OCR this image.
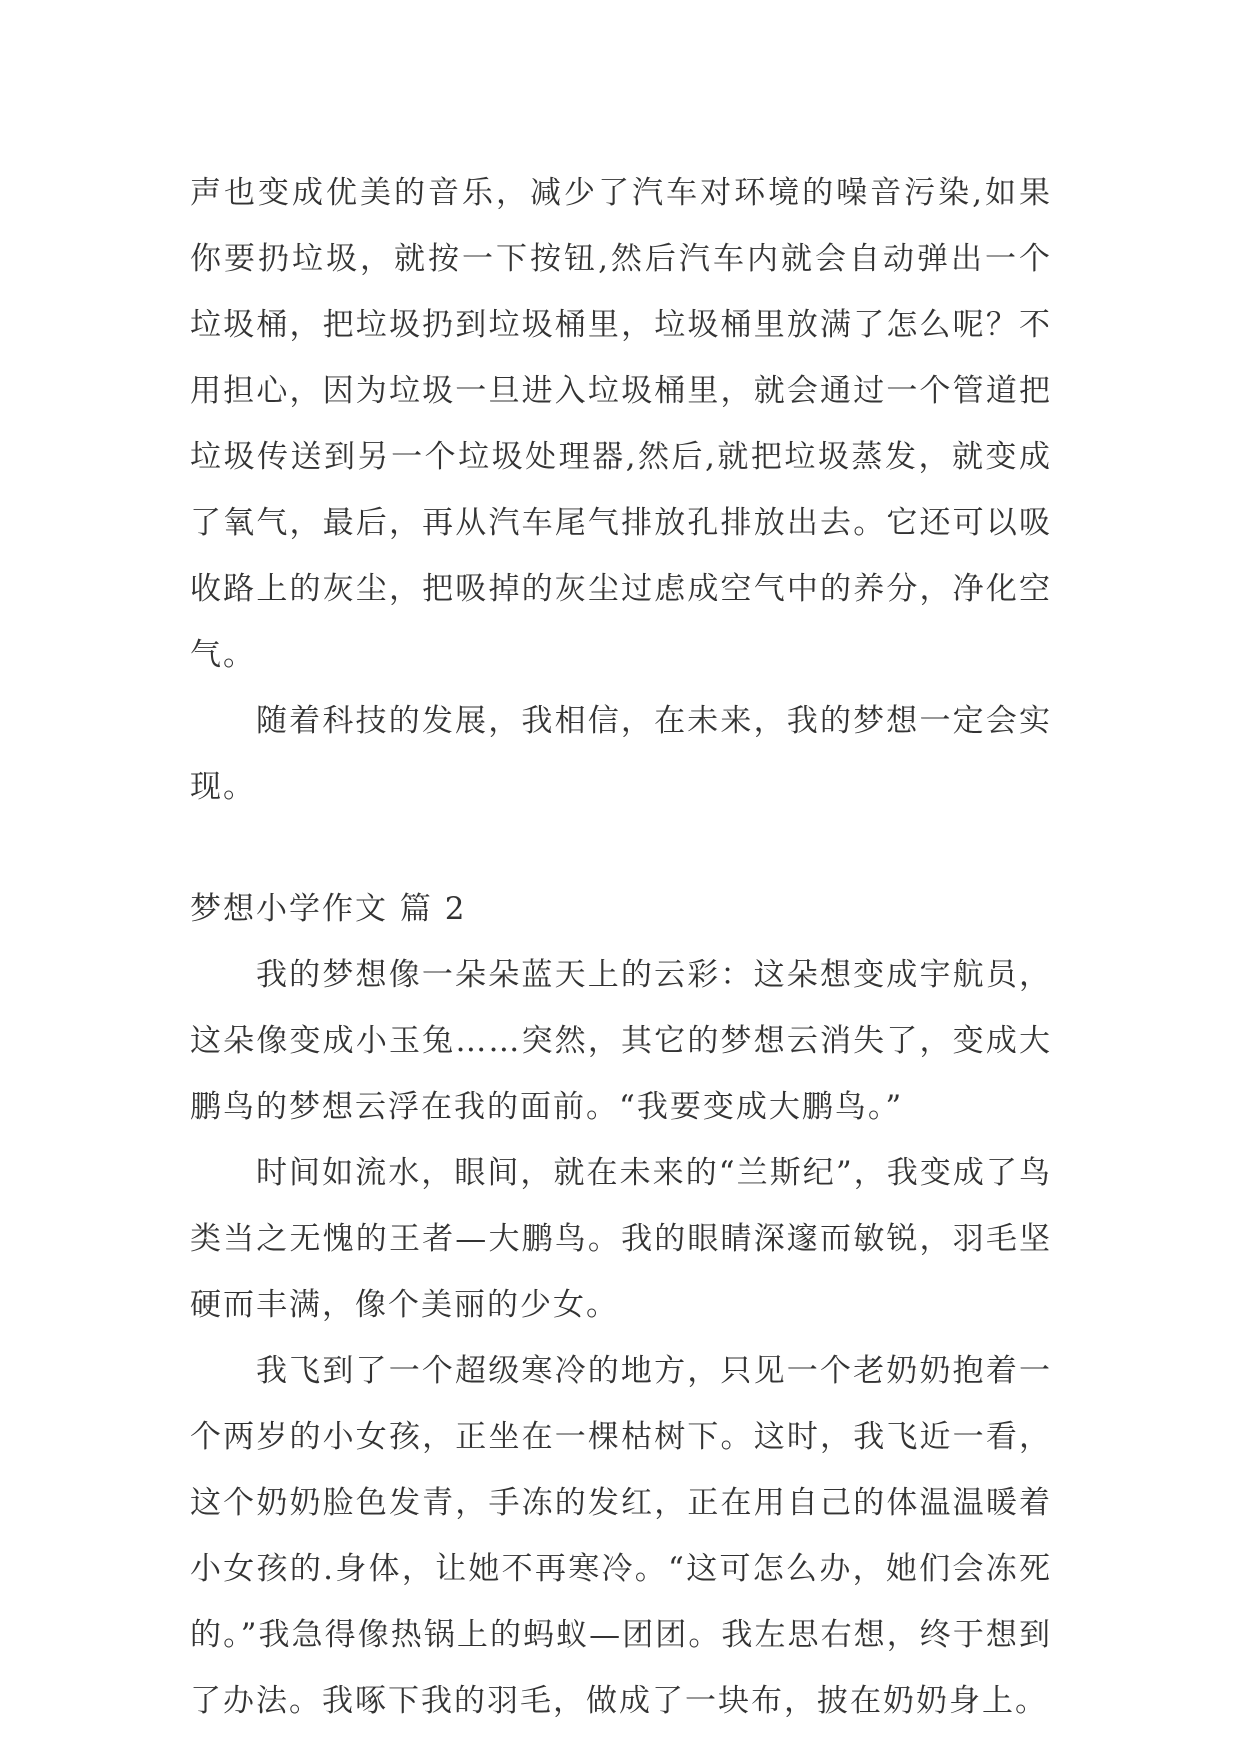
声也变成优美的音乐，减少了汽车对环境的噪音污染,如果你要扔垃圾，就按一下按钮,然后汽车内就会自动弹出一个垃圾桶，把垃圾扔到垃圾桶里，垃圾桶里放满了怎么呢？不用担心，因为垃圾一旦进入垃圾桶里，就会通过一个管道把垃圾传送到另一个垃圾处理器,然后,就把垃圾蒸发，就变成了氧气，最后，再从汽车尾气排放孔排放出去。它还可以吸收路上的灰尘，把吸掉的灰尘过虑成空气中的养分，净化空气。

随着科技的发展，我相信，在未来，我的梦想一定会实现。

梦想小学作文 篇 2

我的梦想像一朵朵蓝天上的云彩：这朵想变成宇航员，这朵像变成小玉兔……突然，其它的梦想云消失了，变成大鹏鸟的梦想云浮在我的面前。“我要变成大鹏鸟。”

时间如流水，眼间，就在未来的“兰斯纪”，我变成了鸟类当之无愧的王者—大鹏鸟。我的眼睛深邃而敏锐，羽毛坚硬而丰满，像个美丽的少女。

我飞到了一个超级寒冷的地方，只见一个老奶奶抱着一个两岁的小女孩，正坐在一棵枯树下。这时，我飞近一看，这个奶奶脸色发青，手冻的发红，正在用自己的体温温暖着小女孩的.身体，让她不再寒冷。“这可怎么办，她们会冻死的。”我急得像热锅上的蚂蚁—团团。我左思右想，终于想到了办法。我啄下我的羽毛，做成了一块布，披在奶奶身上。
